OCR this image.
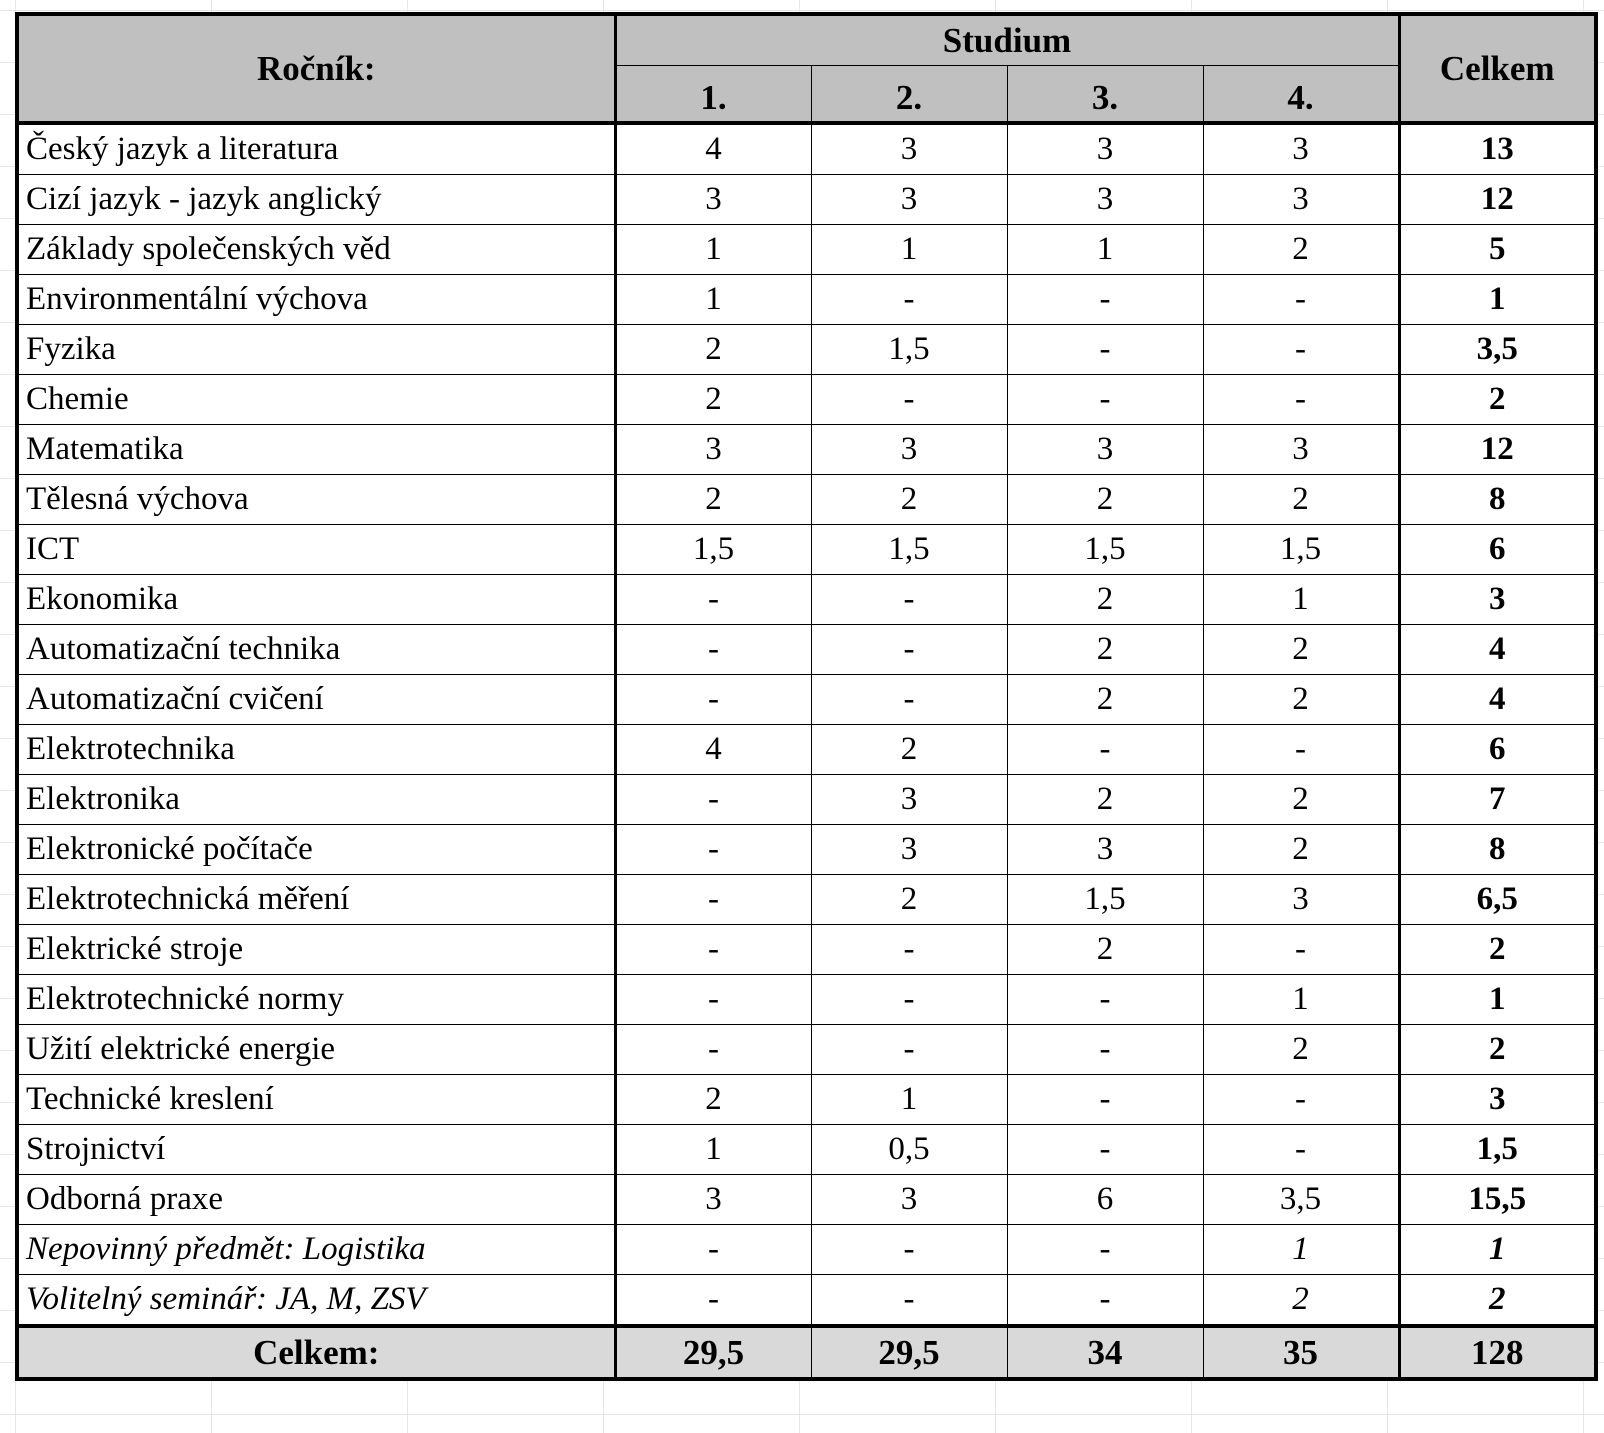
Ročník:	Studium				Celkem
	1.	2.	3.	4.	
Český jazyk a literatura	4	3	3	3	13
Cizí jazyk - jazyk anglický	3	3	3	3	12
Základy společenských věd	1	1	1	2	5
Environmentální výchova	1	-	-	-	1
Fyzika	2	1,5	-	-	3,5
Chemie	2	-	-	-	2
Matematika	3	3	3	3	12
Tělesná výchova	2	2	2	2	8
ICT	1,5	1,5	1,5	1,5	6
Ekonomika	-	-	2	1	3
Automatizační technika	-	-	2	2	4
Automatizační cvičení	-	-	2	2	4
Elektrotechnika	4	2	-	-	6
Elektronika	-	3	2	2	7
Elektronické počítače	-	3	3	2	8
Elektrotechnická měření	-	2	1,5	3	6,5
Elektrické stroje	-	-	2	-	2
Elektrotechnické normy	-	-	-	1	1
Užití elektrické energie	-	-	-	2	2
Technické kreslení	2	1	-	-	3
Strojnictví	1	0,5	-	-	1,5
Odborná praxe	3	3	6	3,5	15,5
Nepovinný předmět: Logistika	-	-	-	1	1
Volitelný seminář: JA, M, ZSV	-	-	-	2	2
Celkem:	29,5	29,5	34	35	128
